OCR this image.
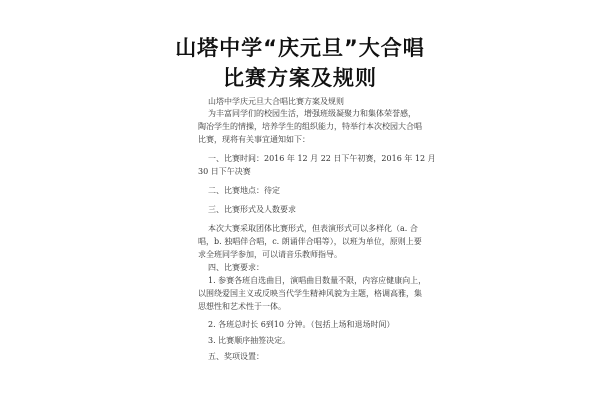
山塔中学“庆元旦”大合唱
比赛方案及规则
山塔中学庆元旦大合唱比赛方案及规则
为丰富同学们的校园生活，增强班级凝聚力和集体荣誉感，
陶冶学生的情操，培养学生的组织能力，特举行本次校园大合唱
比赛，现将有关事宜通知如下：
一、比赛时间：2016 年 12 月 22 日下午初赛，2016 年 12 月
30 日下午决赛
二、比赛地点：待定
三、比赛形式及人数要求
本次大赛采取团体比赛形式，但表演形式可以多样化（a. 合
唱，b. 独唱伴合唱，c. 朗诵伴合唱等），以班为单位，原则上要
求全班同学参加，可以请音乐教师指导。
四、比赛要求：
1. 参赛各班自选曲目，演唱曲目数量不限，内容应健康向上，
以围绕爱国主义或反映当代学生精神风貌为主题，格调高雅，集
思想性和艺术性于一体。
2. 各班总时长 6到10 分钟。（包括上场和退场时间）
3. 比赛顺序抽签决定。
五、奖项设置：
